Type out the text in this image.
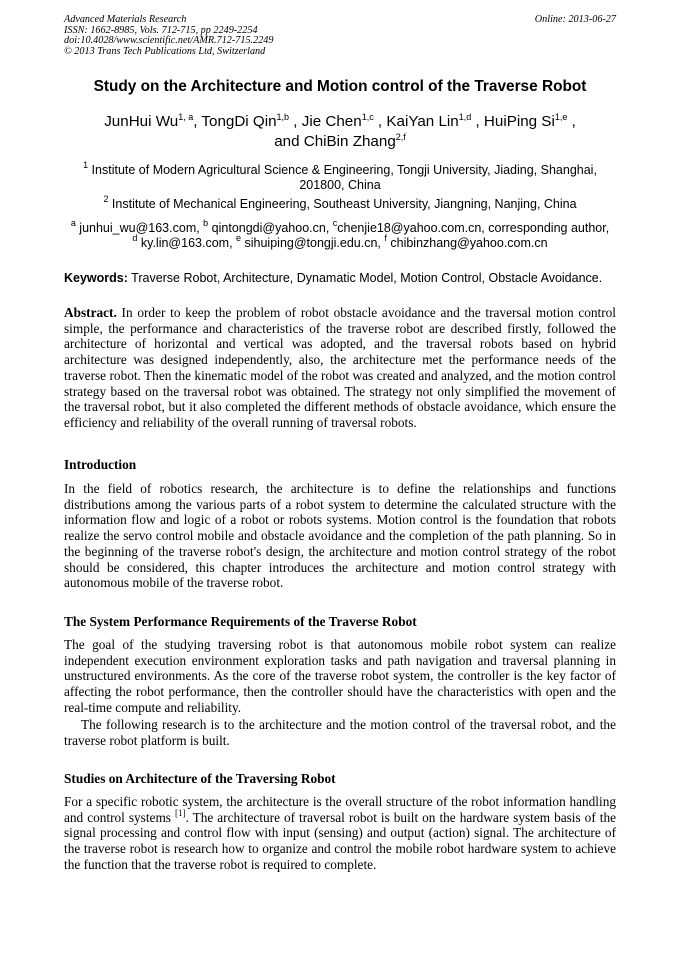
Advanced Materials Research
ISSN: 1662-8985, Vols. 712-715, pp 2249-2254
doi:10.4028/www.scientific.net/AMR.712-715.2249
© 2013 Trans Tech Publications Ltd, Switzerland
Online: 2013-06-27
Study on the Architecture and Motion control of the Traverse Robot
JunHui Wu$^{1, a}$, TongDi Qin$^{1,b}$ , Jie Chen$^{1,c}$ , KaiYan Lin$^{1,d}$ , HuiPing Si$^{1,e}$ ,
and ChiBin Zhang$^{2,f}$
$^1$ Institute of Modern Agricultural Science & Engineering, Tongji University, Jiading, Shanghai, 201800, China
$^2$ Institute of Mechanical Engineering, Southeast University, Jiangning, Nanjing, China
$^a$ junhui_wu@163.com, $^b$ qintongdi@yahoo.cn, $^c$chenjie18@yahoo.com.cn, corresponding author,
$^d$ ky.lin@163.com, $^e$ sihuiping@tongji.edu.cn, $^f$ chibinzhang@yahoo.com.cn
Keywords: Traverse Robot, Architecture, Dynamatic Model, Motion Control, Obstacle Avoidance.
Abstract. In order to keep the problem of robot obstacle avoidance and the traversal motion control simple, the performance and characteristics of the traverse robot are described firstly, followed the architecture of horizontal and vertical was adopted, and the traversal robots based on hybrid architecture was designed independently, also, the architecture met the performance needs of the traverse robot. Then the kinematic model of the robot was created and analyzed, and the motion control strategy based on the traversal robot was obtained. The strategy not only simplified the movement of the traversal robot, but it also completed the different methods of obstacle avoidance, which ensure the efficiency and reliability of the overall running of traversal robots.
Introduction
In the field of robotics research, the architecture is to define the relationships and functions distributions among the various parts of a robot system to determine the calculated structure with the information flow and logic of a robot or robots systems. Motion control is the foundation that robots realize the servo control mobile and obstacle avoidance and the completion of the path planning. So in the beginning of the traverse robot's design, the architecture and motion control strategy of the robot should be considered, this chapter introduces the architecture and motion control strategy with autonomous mobile of the traverse robot.
The System Performance Requirements of the Traverse Robot
The goal of the studying traversing robot is that autonomous mobile robot system can realize independent execution environment exploration tasks and path navigation and traversal planning in unstructured environments. As the core of the traverse robot system, the controller is the key factor of affecting the robot performance, then the controller should have the characteristics with open and the real-time compute and reliability.
The following research is to the architecture and the motion control of the traversal robot, and the traverse robot platform is built.
Studies on Architecture of the Traversing Robot
For a specific robotic system, the architecture is the overall structure of the robot information handling and control systems [1]. The architecture of traversal robot is built on the hardware system basis of the signal processing and control flow with input (sensing) and output (action) signal. The architecture of the traverse robot is research how to organize and control the mobile robot hardware system to achieve the function that the traverse robot is required to complete.
